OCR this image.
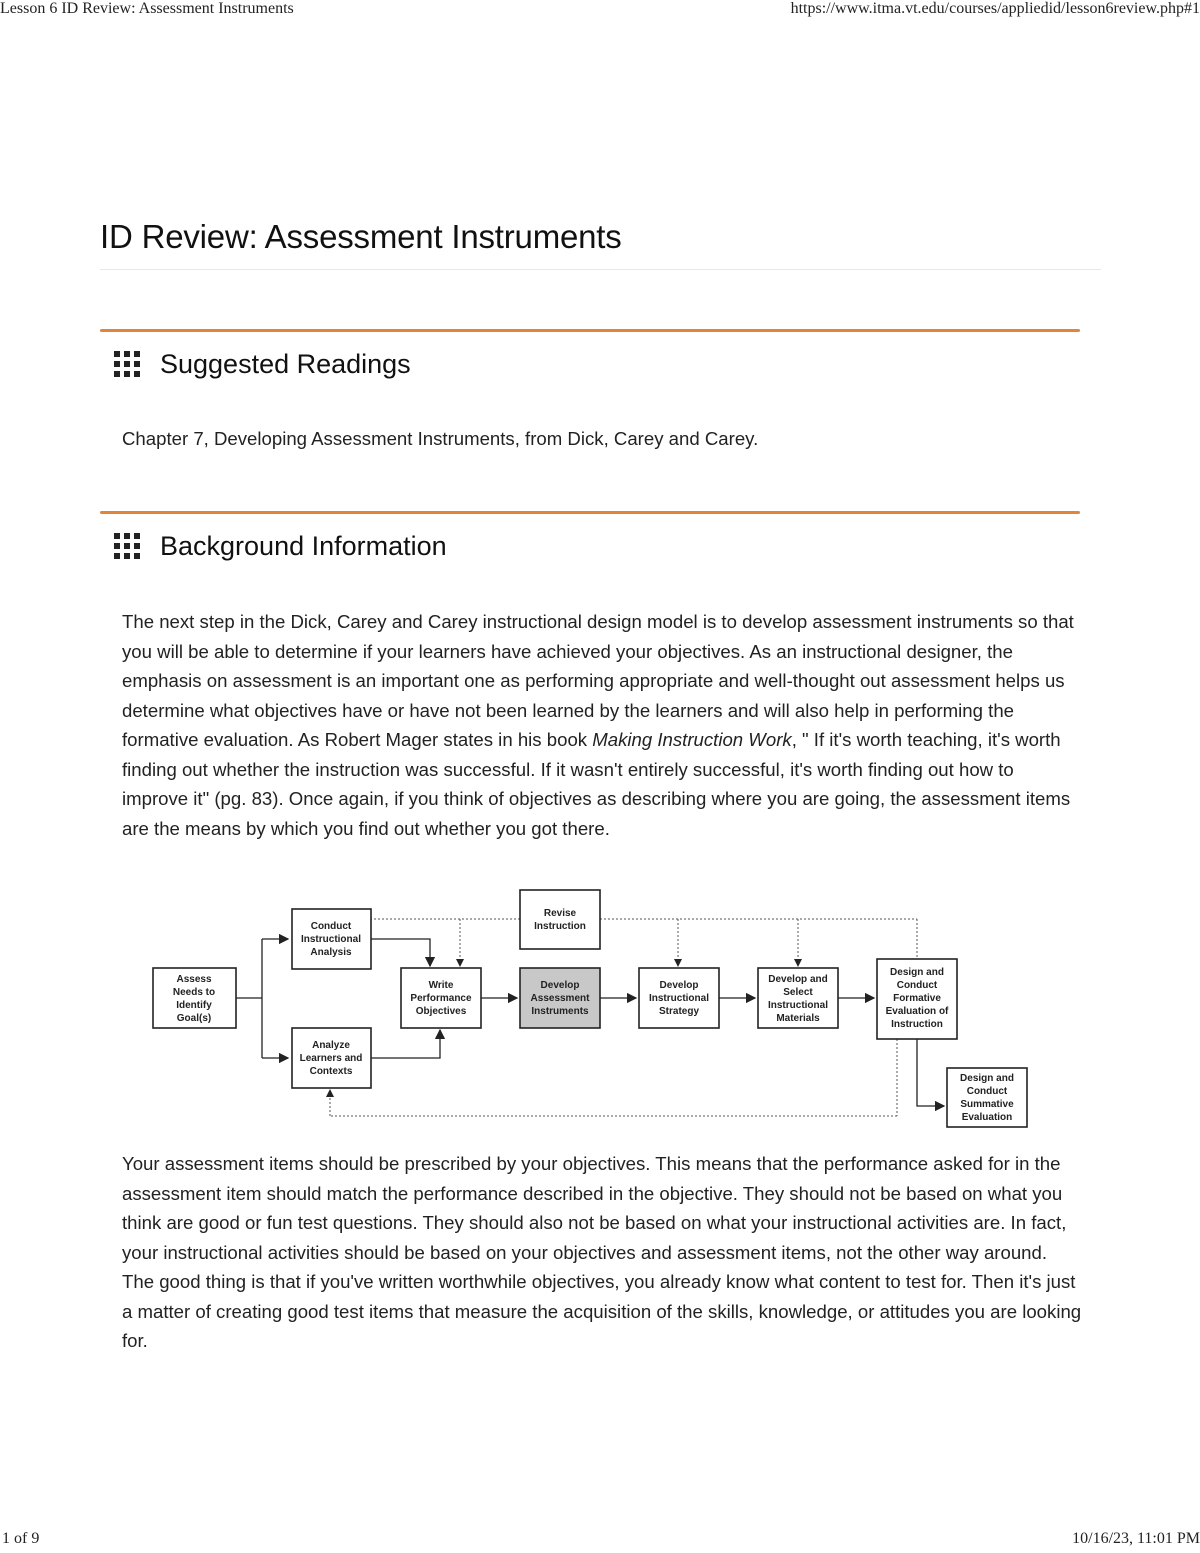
Lesson 6 ID Review: Assessment Instruments	https://www.itma.vt.edu/courses/appliedid/lesson6review.php#1
ID Review: Assessment Instruments
Suggested Readings

Chapter 7, Developing Assessment Instruments, from Dick, Carey and Carey.

Background Information

The next step in the Dick, Carey and Carey instructional design model is to develop assessment instruments so that you will be able to determine if your learners have achieved your objectives. As an instructional designer, the emphasis on assessment is an important one as performing appropriate and well-thought out assessment helps us determine what objectives have or have not been learned by the learners and will also help in performing the formative evaluation. As Robert Mager states in his book Making Instruction Work, " If it's worth teaching, it's worth finding out whether the instruction was successful. If it wasn't entirely successful, it's worth finding out how to improve it" (pg. 83). Once again, if you think of objectives as describing where you are going, the assessment items are the means by which you find out whether you got there.

Assess Needs to Identify Goal(s)
Conduct Instructional Analysis
Analyze Learners and Contexts
Write Performance Objectives
Revise Instruction
Develop Assessment Instruments
Develop Instructional Strategy
Develop and Select Instructional Materials
Design and Conduct Formative Evaluation of Instruction
Design and Conduct Summative Evaluation

Your assessment items should be prescribed by your objectives. This means that the performance asked for in the assessment item should match the performance described in the objective. They should not be based on what you think are good or fun test questions. They should also not be based on what your instructional activities are. In fact, your instructional activities should be based on your objectives and assessment items, not the other way around. The good thing is that if you've written worthwhile objectives, you already know what content to test for. Then it's just a matter of creating good test items that measure the acquisition of the skills, knowledge, or attitudes you are looking for.

1 of 9	10/16/23, 11:01 PM
